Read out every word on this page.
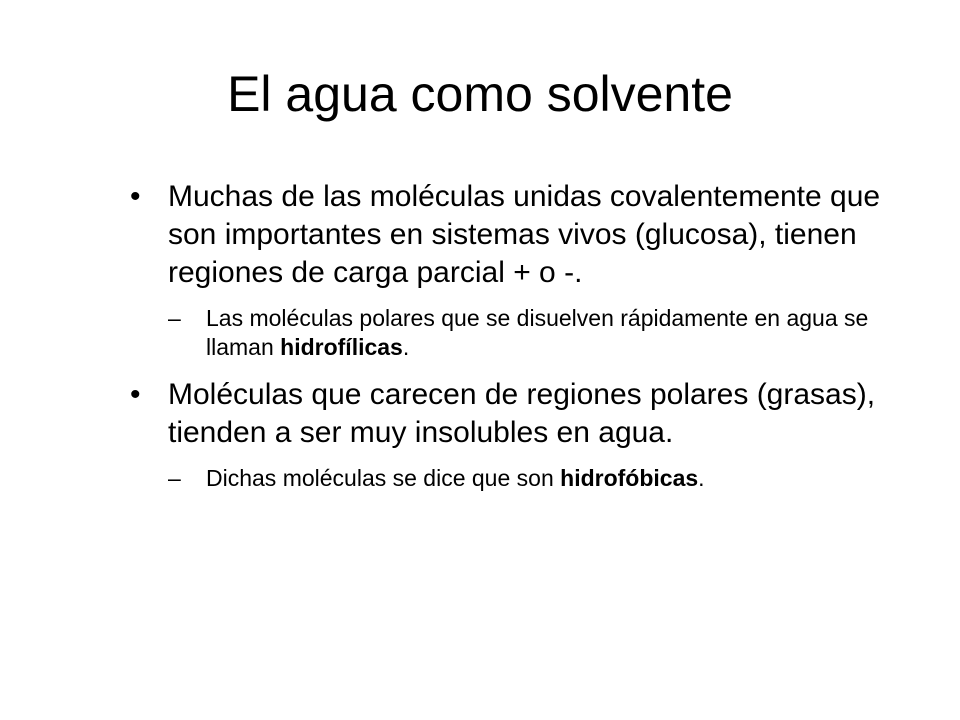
El agua como solvente

• Muchas de las moléculas unidas covalentemente que son importantes en sistemas vivos (glucosa), tienen regiones de carga parcial + o -.

– Las moléculas polares que se disuelven rápidamente en agua se llaman hidrofílicas.

• Moléculas que carecen de regiones polares (grasas), tienden a ser muy insolubles en agua.

– Dichas moléculas se dice que son hidrofóbicas.
